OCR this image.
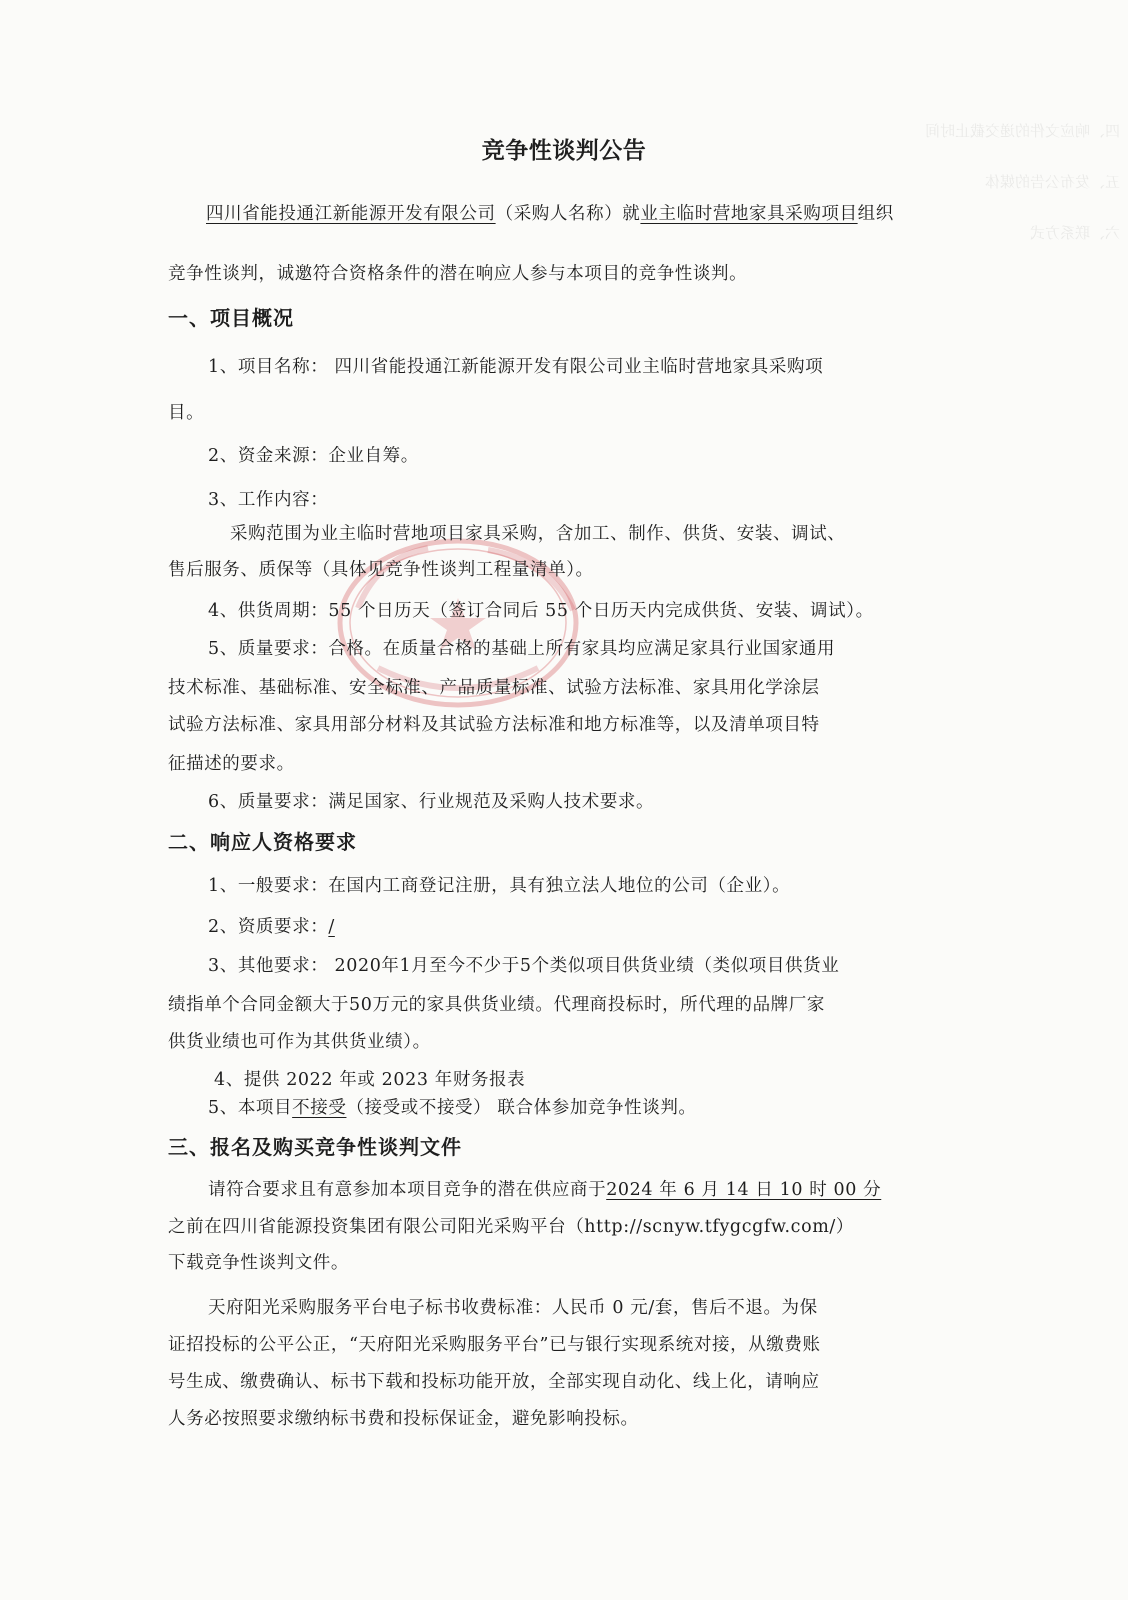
四、响应文件的递交截止时间
五、发布公告的媒体
六、联系方式
竞争性谈判公告
四川省能投通江新能源开发有限公司（采购人名称）就业主临时营地家具采购项目组织
竞争性谈判，诚邀符合资格条件的潜在响应人参与本项目的竞争性谈判。
一、项目概况
1、项目名称： 四川省能投通江新能源开发有限公司业主临时营地家具采购项
目。
2、资金来源：企业自筹。
3、工作内容：
采购范围为业主临时营地项目家具采购，含加工、制作、供货、安装、调试、
售后服务、质保等（具体见竞争性谈判工程量清单）。
4、供货周期：55 个日历天（签订合同后 55 个日历天内完成供货、安装、调试）。
5、质量要求：合格。在质量合格的基础上所有家具均应满足家具行业国家通用
技术标准、基础标准、安全标准、产品质量标准、试验方法标准、家具用化学涂层
试验方法标准、家具用部分材料及其试验方法标准和地方标准等，以及清单项目特
征描述的要求。
6、质量要求：满足国家、行业规范及采购人技术要求。
二、响应人资格要求
1、一般要求：在国内工商登记注册，具有独立法人地位的公司（企业）。
2、资质要求：/
3、其他要求： 2020年1月至今不少于5个类似项目供货业绩（类似项目供货业
绩指单个合同金额大于50万元的家具供货业绩。代理商投标时，所代理的品牌厂家
供货业绩也可作为其供货业绩）。
4、提供 2022 年或 2023 年财务报表
5、本项目不接受（接受或不接受） 联合体参加竞争性谈判。
三、报名及购买竞争性谈判文件
请符合要求且有意参加本项目竞争的潜在供应商于2024 年 6 月 14 日 10 时 00 分
之前在四川省能源投资集团有限公司阳光采购平台（http://scnyw.tfygcgfw.com/）
下载竞争性谈判文件。
天府阳光采购服务平台电子标书收费标准：人民币 0 元/套，售后不退。为保
证招投标的公平公正，“天府阳光采购服务平台”已与银行实现系统对接，从缴费账
号生成、缴费确认、标书下载和投标功能开放，全部实现自动化、线上化，请响应
人务必按照要求缴纳标书费和投标保证金，避免影响投标。
